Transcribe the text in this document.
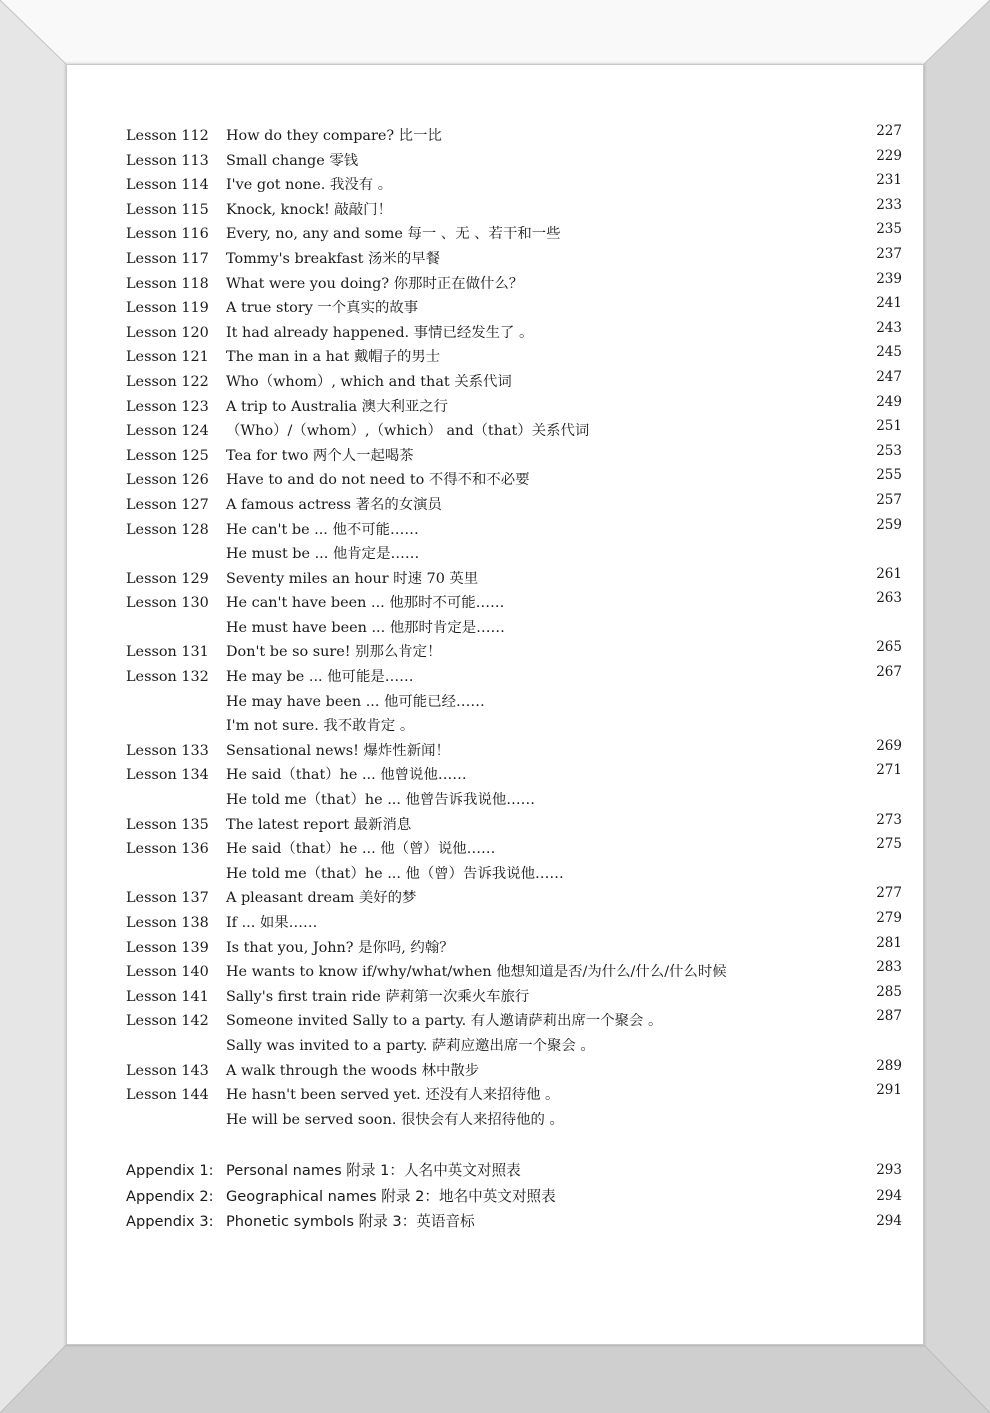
Lesson 112	How do they compare? 比一比	227
Lesson 113	Small change 零钱	229
Lesson 114	I've got none. 我没有 。	231
Lesson 115	Knock, knock! 敲敲门！	233
Lesson 116	Every, no, any and some 每一 、无 、若干和一些	235
Lesson 117	Tommy's breakfast 汤米的早餐	237
Lesson 118	What were you doing? 你那时正在做什么？	239
Lesson 119	A true story 一个真实的故事	241
Lesson 120	It had already happened. 事情已经发生了 。	243
Lesson 121	The man in a hat 戴帽子的男士	245
Lesson 122	Who（whom）, which and that 关系代词	247
Lesson 123	A trip to Australia 澳大利亚之行	249
Lesson 124	（Who）/（whom）,（which） and（that）关系代词	251
Lesson 125	Tea for two 两个人一起喝茶	253
Lesson 126	Have to and do not need to 不得不和不必要	255
Lesson 127	A famous actress 著名的女演员	257
Lesson 128	He can't be ... 他不可能……	259
He must be ... 他肯定是……
Lesson 129	Seventy miles an hour 时速 70 英里	261
Lesson 130	He can't have been ... 他那时不可能……	263
He must have been ... 他那时肯定是……
Lesson 131	Don't be so sure! 别那么肯定！	265
Lesson 132	He may be ... 他可能是……	267
He may have been ... 他可能已经……
I'm not sure. 我不敢肯定 。
Lesson 133	Sensational news! 爆炸性新闻！	269
Lesson 134	He said（that）he ... 他曾说他……	271
He told me（that）he ... 他曾告诉我说他……
Lesson 135	The latest report 最新消息	273
Lesson 136	He said（that）he ... 他（曾）说他……	275
He told me（that）he ... 他（曾）告诉我说他……
Lesson 137	A pleasant dream 美好的梦	277
Lesson 138	If ... 如果……	279
Lesson 139	Is that you, John? 是你吗, 约翰？	281
Lesson 140	He wants to know if/why/what/when 他想知道是否/为什么/什么/什么时候	283
Lesson 141	Sally's first train ride 萨莉第一次乘火车旅行	285
Lesson 142	Someone invited Sally to a party. 有人邀请萨莉出席一个聚会 。	287
Sally was invited to a party. 萨莉应邀出席一个聚会 。
Lesson 143	A walk through the woods 林中散步	289
Lesson 144	He hasn't been served yet. 还没有人来招待他 。	291
He will be served soon. 很快会有人来招待他的 。
Appendix 1: Personal names 附录 1：人名中英文对照表	293
Appendix 2: Geographical names 附录 2：地名中英文对照表	294
Appendix 3: Phonetic symbols 附录 3：英语音标	294
